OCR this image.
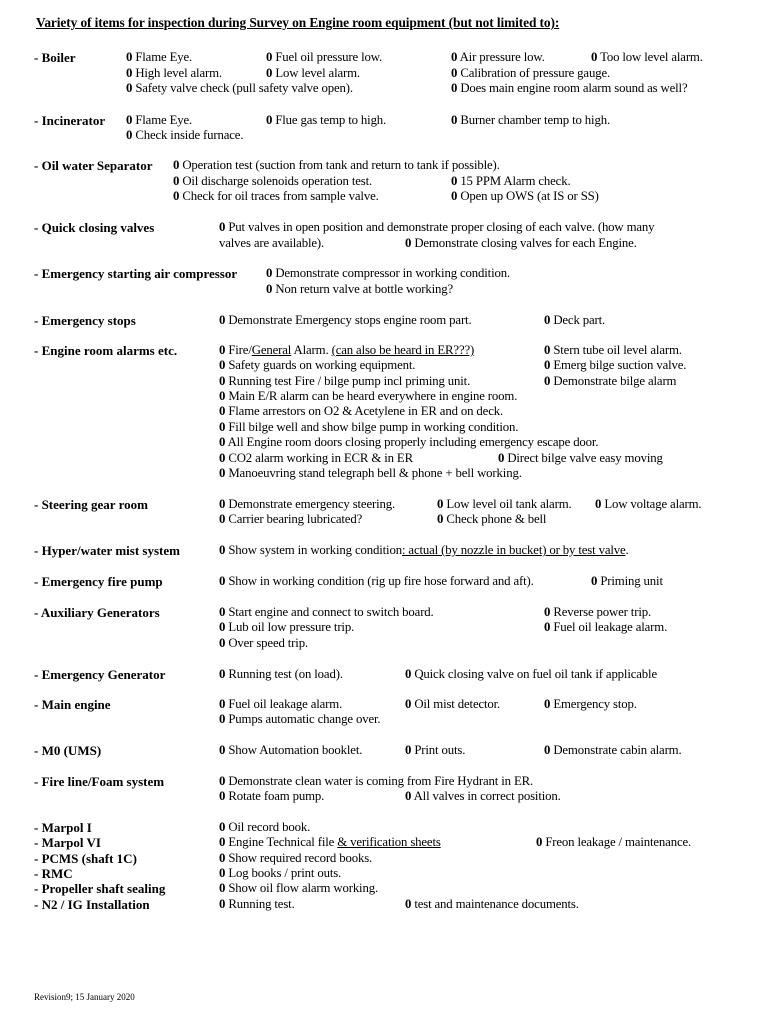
Variety of items for inspection during Survey on Engine room equipment (but not limited to):
- Boiler	0 Flame Eye.	0 Fuel oil pressure low.	0 Air pressure low.	0 Too low level alarm.
0 High level alarm.	0 Low level alarm.	0 Calibration of pressure gauge.
0 Safety valve check (pull safety valve open).	0 Does main engine room alarm sound as well?
- Incinerator 0 Flame Eye.	0 Flue gas temp to high.	0 Burner chamber temp to high.
0 Check inside furnace.
- Oil water Separator 0 Operation test (suction from tank and return to tank if possible).
0 Oil discharge solenoids operation test.	0 15 PPM Alarm check.
0 Check for oil traces from sample valve.	0 Open up OWS (at IS or SS)
- Quick closing valves	0 Put valves in open position and demonstrate proper closing of each valve. (how many
valves are available).	0 Demonstrate closing valves for each Engine.
- Emergency starting air compressor 0 Demonstrate compressor in working condition.
0 Non return valve at bottle working?
- Emergency stops	0 Demonstrate Emergency stops engine room part.	0 Deck part.
- Engine room alarms etc.	0 Fire/General Alarm. (can also be heard in ER???)	0 Stern tube oil level alarm.
0 Safety guards on working equipment.	0 Emerg bilge suction valve.
0 Running test Fire / bilge pump incl priming unit.	0 Demonstrate bilge alarm
0 Main E/R alarm can be heard everywhere in engine room.
0 Flame arrestors on O2 & Acetylene in ER and on deck.
0 Fill bilge well and show bilge pump in working condition.
0 All Engine room doors closing properly including emergency escape door.
0 CO2 alarm working in ECR & in ER	0 Direct bilge valve easy moving
0 Manoeuvring stand telegraph bell & phone + bell working.
- Steering gear room	0 Demonstrate emergency steering.	0 Low level oil tank alarm. 0 Low voltage alarm.
0 Carrier bearing lubricated?	0 Check phone & bell
- Hyper/water mist system	0 Show system in working condition: actual (by nozzle in bucket) or by test valve.
- Emergency fire pump	0 Show in working condition (rig up fire hose forward and aft).	0 Priming unit
- Auxiliary Generators	0 Start engine and connect to switch board.	0 Reverse power trip.
0 Lub oil low pressure trip.	0 Fuel oil leakage alarm.
0 Over speed trip.
- Emergency Generator	0 Running test (on load).	0 Quick closing valve on fuel oil tank if applicable
- Main engine	0 Fuel oil leakage alarm.	0 Oil mist detector.	0 Emergency stop.
0 Pumps automatic change over.
- M0 (UMS)	0 Show Automation booklet.	0 Print outs.	0 Demonstrate cabin alarm.
- Fire line/Foam system	0 Demonstrate clean water is coming from Fire Hydrant in ER.
0 Rotate foam pump.	0 All valves in correct position.
- Marpol I	0 Oil record book.
- Marpol VI	0 Engine Technical file & verification sheets	0 Freon leakage / maintenance.
- PCMS (shaft 1C)	0 Show required record books.
- RMC	0 Log books / print outs.
- Propeller shaft sealing	0 Show oil flow alarm working.
- N2 / IG Installation	0 Running test.	0 test and maintenance documents.
Revision9; 15 January 2020
